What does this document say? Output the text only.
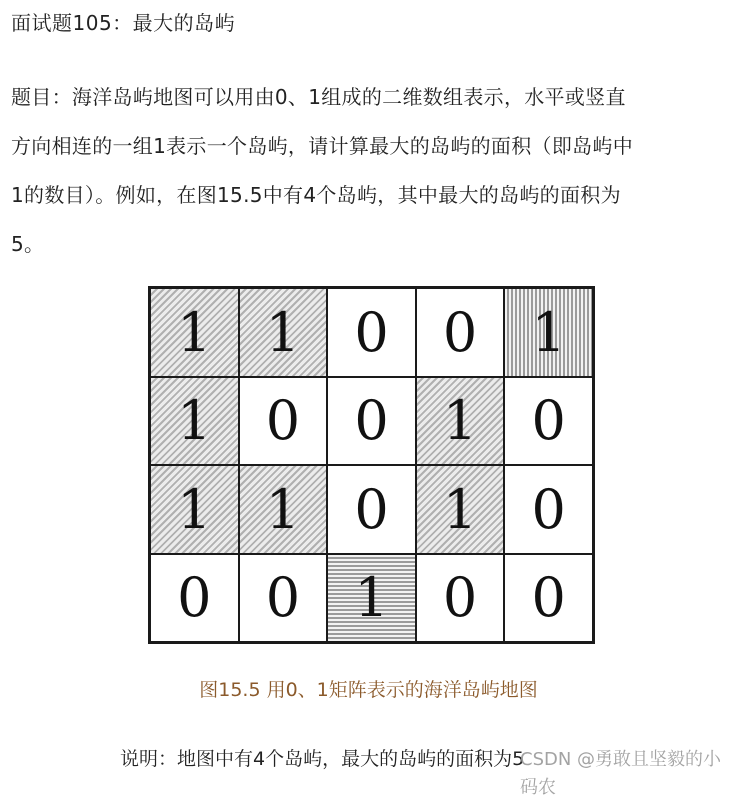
面试题105：最大的岛屿

题目：海洋岛屿地图可以用由0、1组成的二维数组表示，水平或竖直

方向相连的一组1表示一个岛屿，请计算最大的岛屿的面积（即岛屿中

1的数目）。例如，在图15.5中有4个岛屿，其中最大的岛屿的面积为

5。

1	1	0	0	1
1	0	0	1	0
1	1	0	1	0
0	0	1	0	0
图15.5 用0、1矩阵表示的海洋岛屿地图
说明：地图中有4个岛屿，最大的岛屿的面积为5
CSDN @勇敢且坚毅的小码农
